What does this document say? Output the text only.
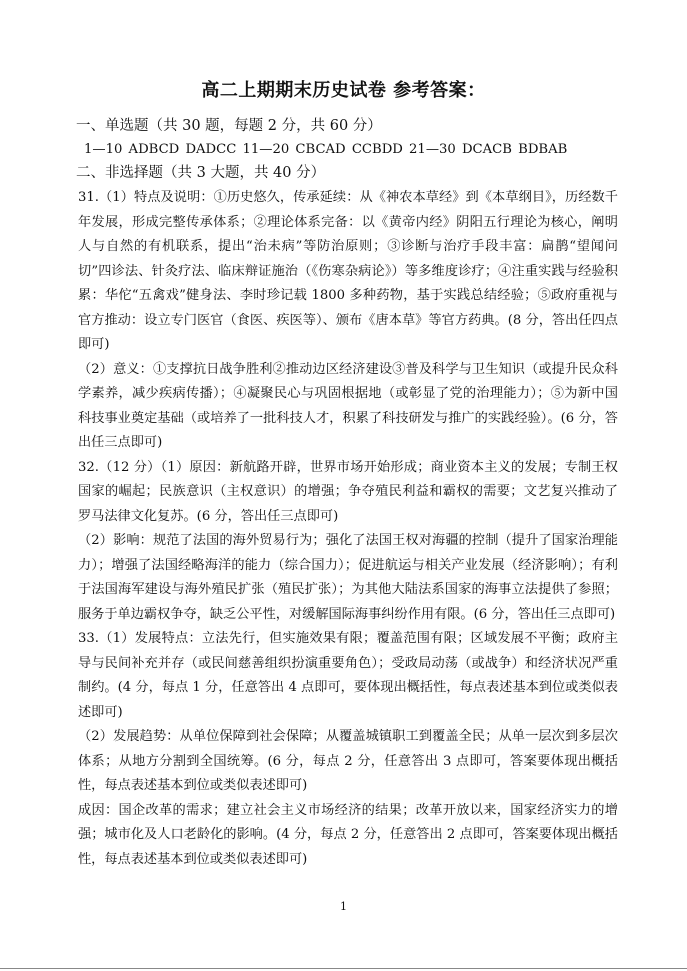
高二上期期末历史试卷 参考答案：
一、单选题（共 30 题，每题 2 分，共 60 分）
1—10 ADBCD DADCC 11—20 CBCAD CCBDD 21—30 DCACB BDBAB
二、非选择题（共 3 大题，共 40 分）

31.（1）特点及说明：①历史悠久，传承延续：从《神农本草经》到《本草纲目》，历经数千年发展，形成完整传承体系；②理论体系完备：以《黄帝内经》阴阳五行理论为核心，阐明人与自然的有机联系，提出“治未病”等防治原则；③诊断与治疗手段丰富：扁鹊“望闻问切”四诊法、针灸疗法、临床辩证施治（《伤寒杂病论》）等多维度诊疗；④注重实践与经验积累：华佗“五禽戏”健身法、李时珍记载 1800 多种药物，基于实践总结经验；⑤政府重视与官方推动：设立专门医官（食医、疾医等）、颁布《唐本草》等官方药典。(8 分，答出任四点即可)

（2）意义：①支撑抗日战争胜利②推动边区经济建设③普及科学与卫生知识（或提升民众科学素养，减少疾病传播）；④凝聚民心与巩固根据地（或彰显了党的治理能力）；⑤为新中国科技事业奠定基础（或培养了一批科技人才，积累了科技研发与推广的实践经验）。(6 分，答出任三点即可)

32.（12 分）（1）原因：新航路开辟，世界市场开始形成；商业资本主义的发展；专制王权国家的崛起；民族意识（主权意识）的增强；争夺殖民利益和霸权的需要；文艺复兴推动了罗马法律文化复苏。(6 分，答出任三点即可)

（2）影响：规范了法国的海外贸易行为；强化了法国王权对海疆的控制（提升了国家治理能力）；增强了法国经略海洋的能力（综合国力）；促进航运与相关产业发展（经济影响）；有利于法国海军建设与海外殖民扩张（殖民扩张）；为其他大陆法系国家的海事立法提供了参照；服务于单边霸权争夺，缺乏公平性，对缓解国际海事纠纷作用有限。(6 分，答出任三点即可)

33.（1）发展特点：立法先行，但实施效果有限；覆盖范围有限；区域发展不平衡；政府主导与民间补充并存（或民间慈善组织扮演重要角色）；受政局动荡（或战争）和经济状况严重制约。(4 分，每点 1 分，任意答出 4 点即可，要体现出概括性，每点表述基本到位或类似表述即可)

（2）发展趋势：从单位保障到社会保障；从覆盖城镇职工到覆盖全民；从单一层次到多层次体系；从地方分割到全国统筹。(6 分，每点 2 分，任意答出 3 点即可，答案要体现出概括性，每点表述基本到位或类似表述即可)

成因：国企改革的需求；建立社会主义市场经济的结果；改革开放以来，国家经济实力的增强；城市化及人口老龄化的影响。(4 分，每点 2 分，任意答出 2 点即可，答案要体现出概括性，每点表述基本到位或类似表述即可)

1
